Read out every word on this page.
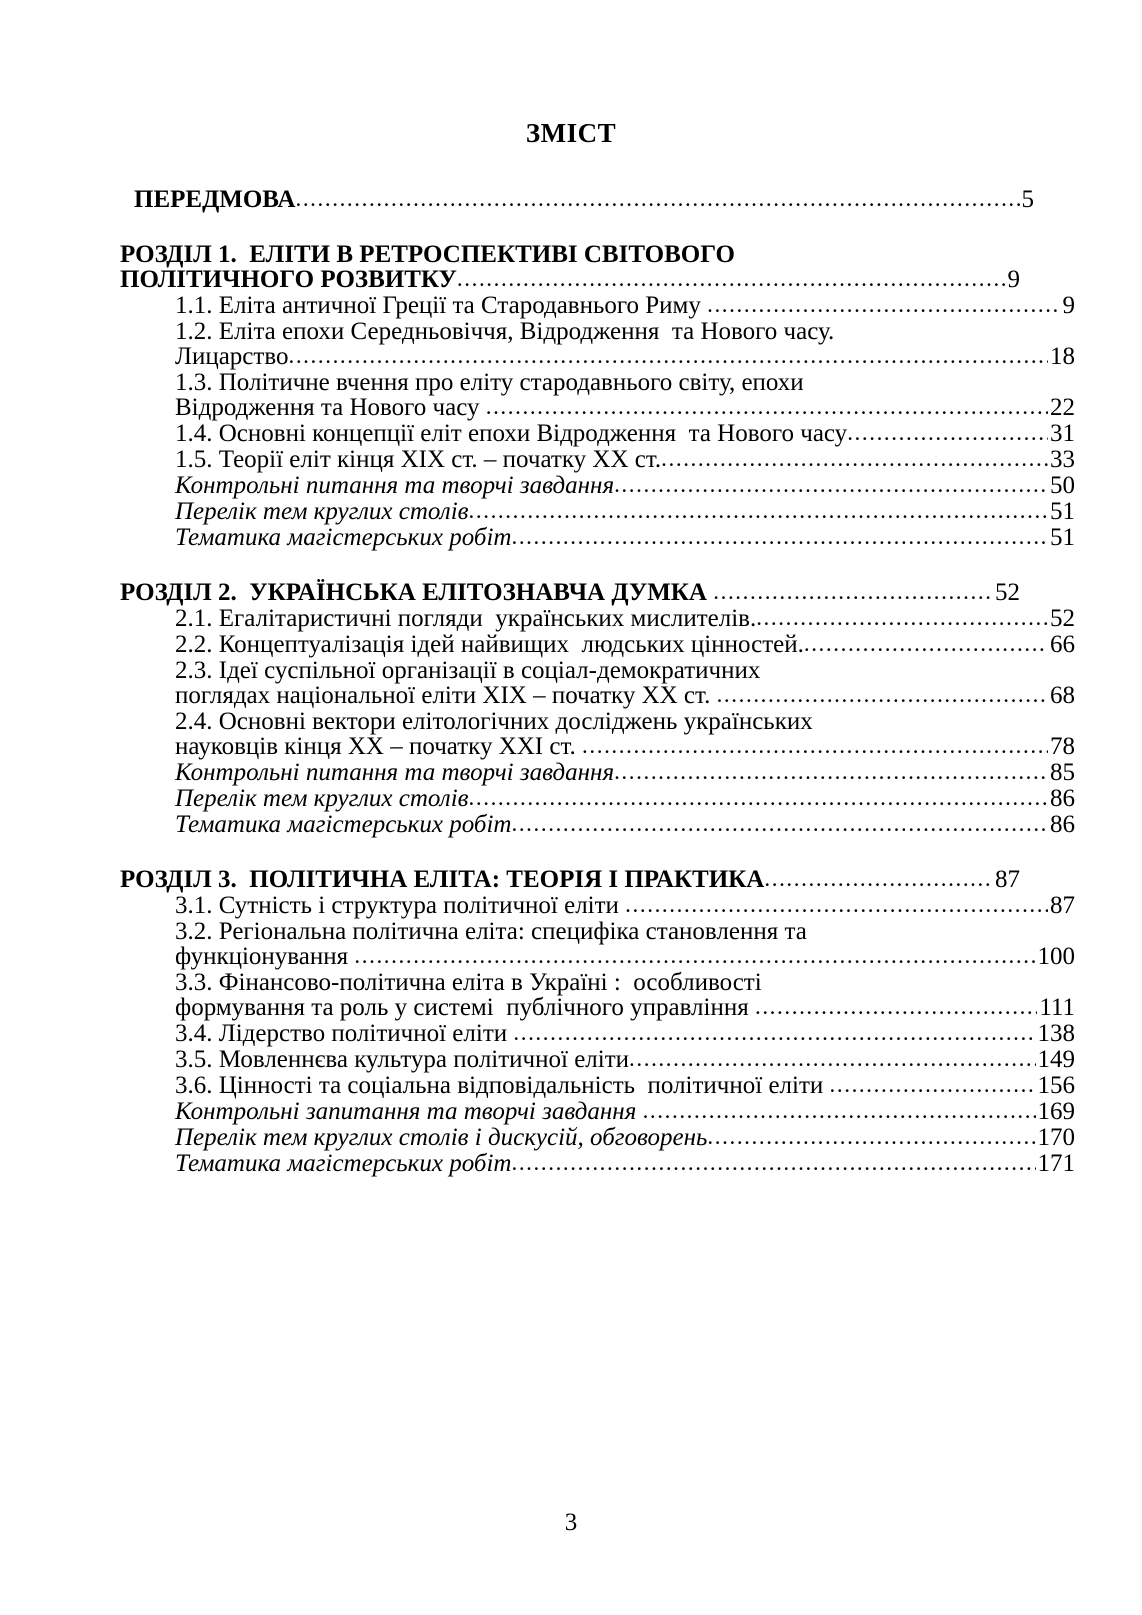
ЗМІСТ
ПЕРЕДМОВА .....	5
РОЗДІЛ 1.  ЕЛІТИ В РЕТРОСПЕКТИВІ СВІТОВОГО
ПОЛІТИЧНОГО РОЗВИТКУ .....	9
1.1. Еліта античної Греції та Стародавнього Риму .....	9
1.2. Еліта епохи Середньовіччя, Відродження  та Нового часу.
Лицарство .....	18
1.3. Політичне вчення про еліту стародавнього світу, епохи
Відродження та Нового часу .....	22
1.4. Основні концепції еліт епохи Відродження  та Нового часу .....	31
1.5. Теорії еліт кінця XIX ст. – початку XX ст. .....	33
Контрольні питання та творчі завдання .....	50
Перелік тем круглих столів .....	51
Тематика магістерських робіт .....	51
РОЗДІЛ 2.  УКРАЇНСЬКА ЕЛІТОЗНАВЧА ДУМКА .....	52
2.1. Егалітаристичні погляди  українських мислителів. .....	52
2.2. Концептуалізація ідей найвищих  людських цінностей. .....	66
2.3. Ідеї суспільної організації в соціал-демократичних
поглядах національної еліти ХIХ – початку ХХ ст. .....	68
2.4. Основні вектори елітологічних досліджень українських
науковців кінця ХХ – початку ХХI ст. .....	78
Контрольні питання та творчі завдання .....	85
Перелік тем круглих столів .....	86
Тематика магістерських робіт .....	86
РОЗДІЛ 3.  ПОЛІТИЧНА ЕЛІТА: ТЕОРІЯ І ПРАКТИКА .....	87
3.1. Сутність і структура політичної еліти .....	87
3.2. Регіональна політична еліта: специфіка становлення та
функціонування .....	100
3.3. Фінансово-політична еліта в Україні :  особливості
формування та роль у системі  публічного управління .....	111
3.4. Лідерство політичної еліти .....	138
3.5. Мовленнєва культура політичної еліти .....	149
3.6. Цінності та соціальна відповідальність  політичної еліти .....	156
Контрольні запитання та творчі завдання .....	169
Перелік тем круглих столів і дискусій, обговорень .....	170
Тематика магістерських робіт .....	171
3
